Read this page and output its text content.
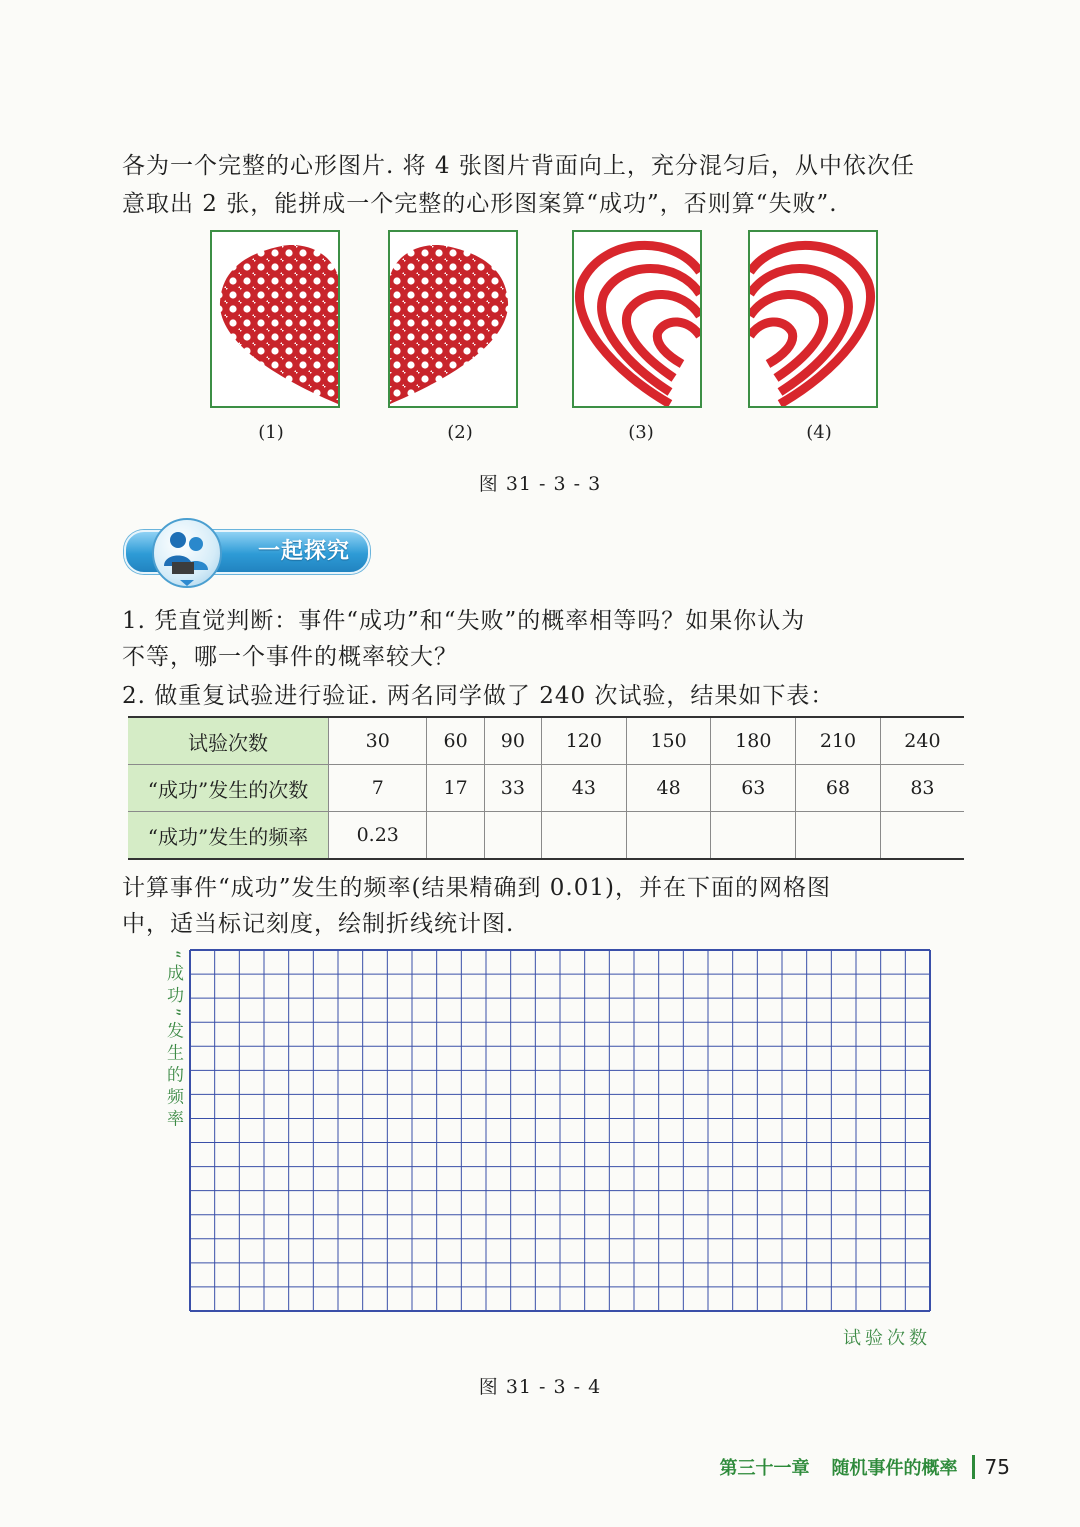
各为一个完整的心形图片. 将 4 张图片背面向上，充分混匀后，从中依次任

意取出 2 张，能拼成一个完整的心形图案算“成功”，否则算“失败”.

(1)	(2)	(3)	(4)
图 31 - 3 - 3
一起探究

1. 凭直觉判断：事件“成功”和“失败”的概率相等吗？如果你认为

不等，哪一个事件的概率较大？

2. 做重复试验进行验证. 两名同学做了 240 次试验，结果如下表：

试验次数	30	60	90	120	150	180	210	240
“成功”发生的次数	7	17	33	43	48	63	68	83
“成功”发生的频率	0.23							

计算事件“成功”发生的频率(结果精确到 0.01)，并在下面的网格图

中，适当标记刻度，绘制折线统计图.

“成功”发生的频率
试验次数
图 31 - 3 - 4
第三十一章 随机事件的概率 75
